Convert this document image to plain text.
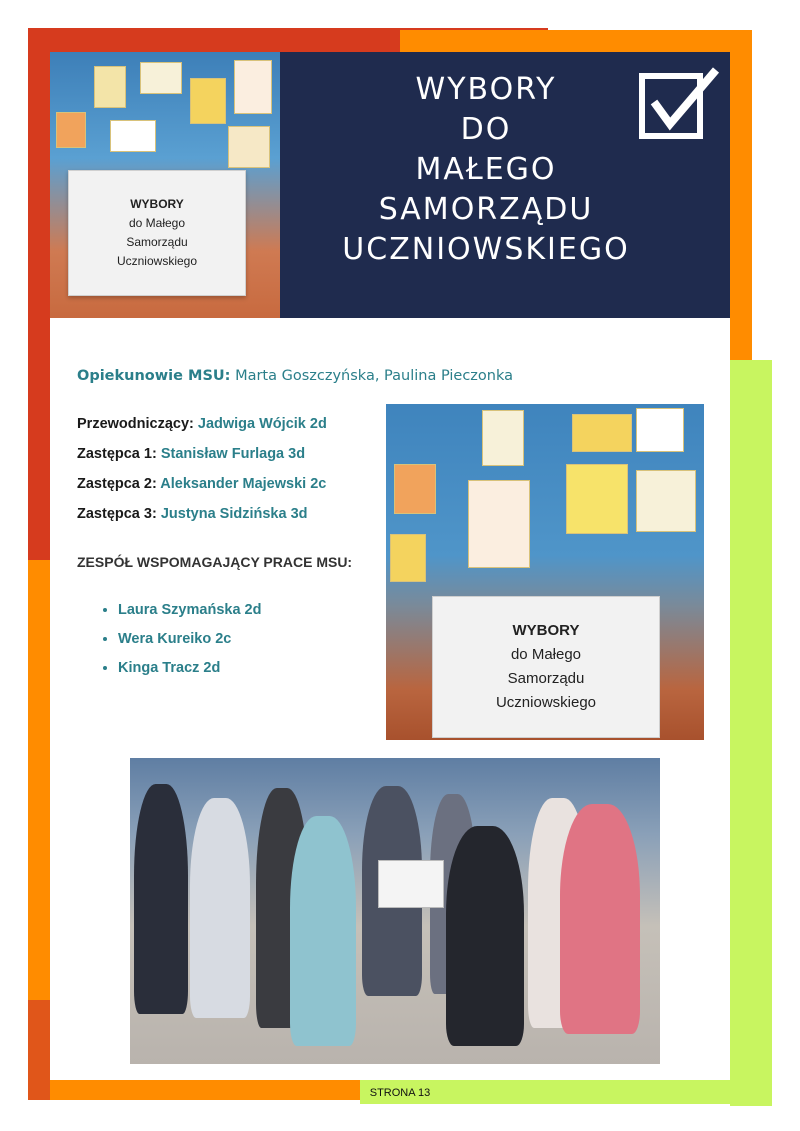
WYBORY
do Małego
Samorządu
Uczniowskiego
WYBORY
DO
MAŁEGO
SAMORZĄDU
UCZNIOWSKIEGO
Opiekunowie MSU: Marta Goszczyńska, Paulina Pieczonka
Przewodniczący: Jadwiga Wójcik 2d
Zastępca 1: Stanisław Furlaga 3d
Zastępca 2: Aleksander Majewski 2c
Zastępca 3: Justyna Sidzińska 3d
ZESPÓŁ WSPOMAGAJĄCY PRACE MSU:
• Laura Szymańska 2d
• Wera Kureiko 2c
• Kinga Tracz 2d
WYBORY
do Małego
Samorządu
Uczniowskiego
STRONA 13
